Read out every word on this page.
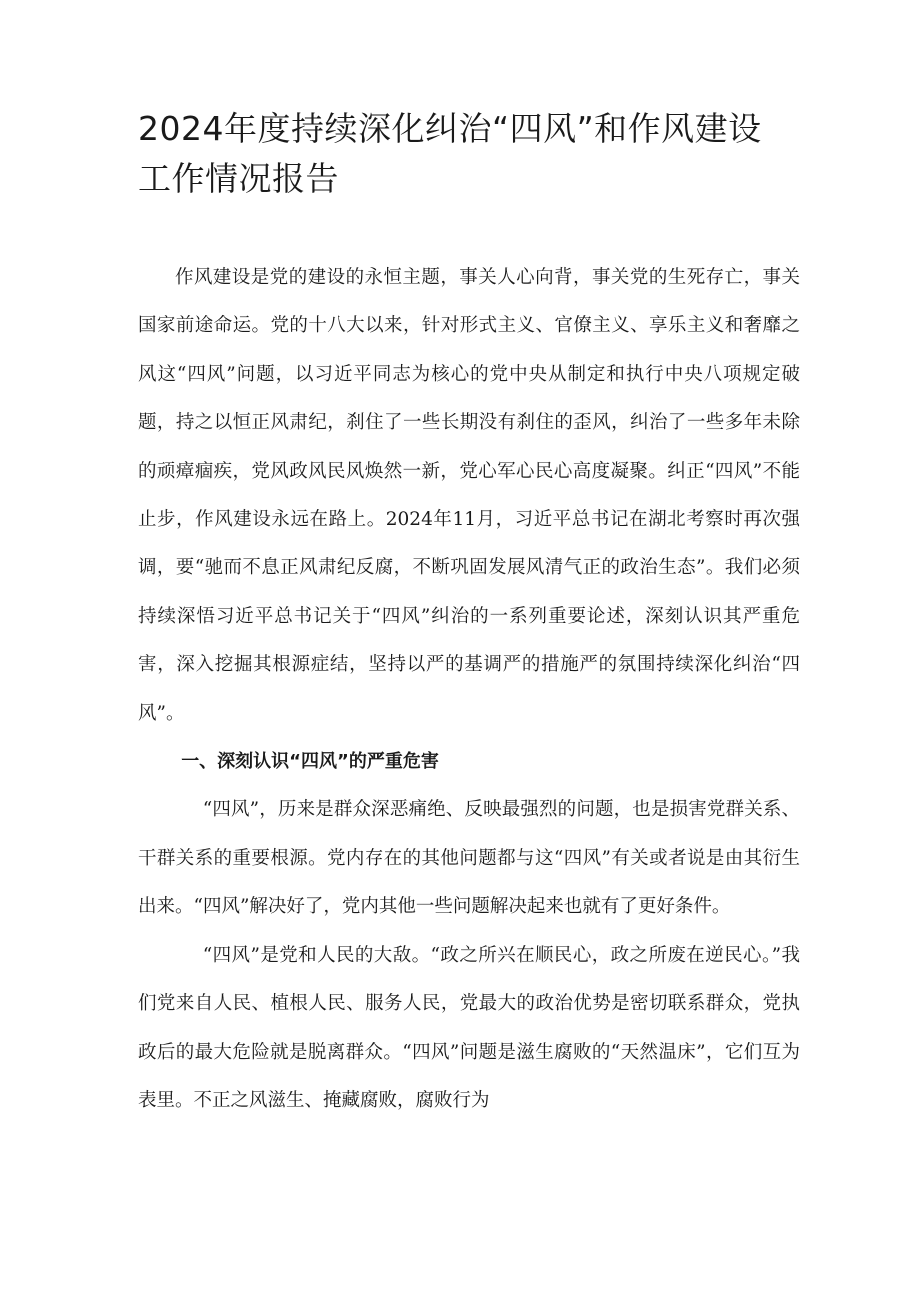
2024年度持续深化纠治“四风”和作风建设
工作情况报告

作风建设是党的建设的永恒主题，事关人心向背，事关党的生死存亡，事关国家前途命运。党的十八大以来，针对形式主义、官僚主义、享乐主义和奢靡之风这“四风”问题，以习近平同志为核心的党中央从制定和执行中央八项规定破题，持之以恒正风肃纪，刹住了一些长期没有刹住的歪风，纠治了一些多年未除的顽瘴痼疾，党风政风民风焕然一新，党心军心民心高度凝聚。纠正“四风”不能止步，作风建设永远在路上。2024年11月，习近平总书记在湖北考察时再次强调，要“驰而不息正风肃纪反腐，不断巩固发展风清气正的政治生态”。我们必须持续深悟习近平总书记关于“四风”纠治的一系列重要论述，深刻认识其严重危害，深入挖掘其根源症结，坚持以严的基调严的措施严的氛围持续深化纠治“四风”。

一、深刻认识“四风”的严重危害

“四风”，历来是群众深恶痛绝、反映最强烈的问题，也是损害党群关系、干群关系的重要根源。党内存在的其他问题都与这“四风”有关或者说是由其衍生出来。“四风”解决好了，党内其他一些问题解决起来也就有了更好条件。

“四风”是党和人民的大敌。“政之所兴在顺民心，政之所废在逆民心。”我们党来自人民、植根人民、服务人民，党最大的政治优势是密切联系群众，党执政后的最大危险就是脱离群众。“四风”问题是滋生腐败的“天然温床”，它们互为表里。不正之风滋生、掩藏腐败，腐败行为
